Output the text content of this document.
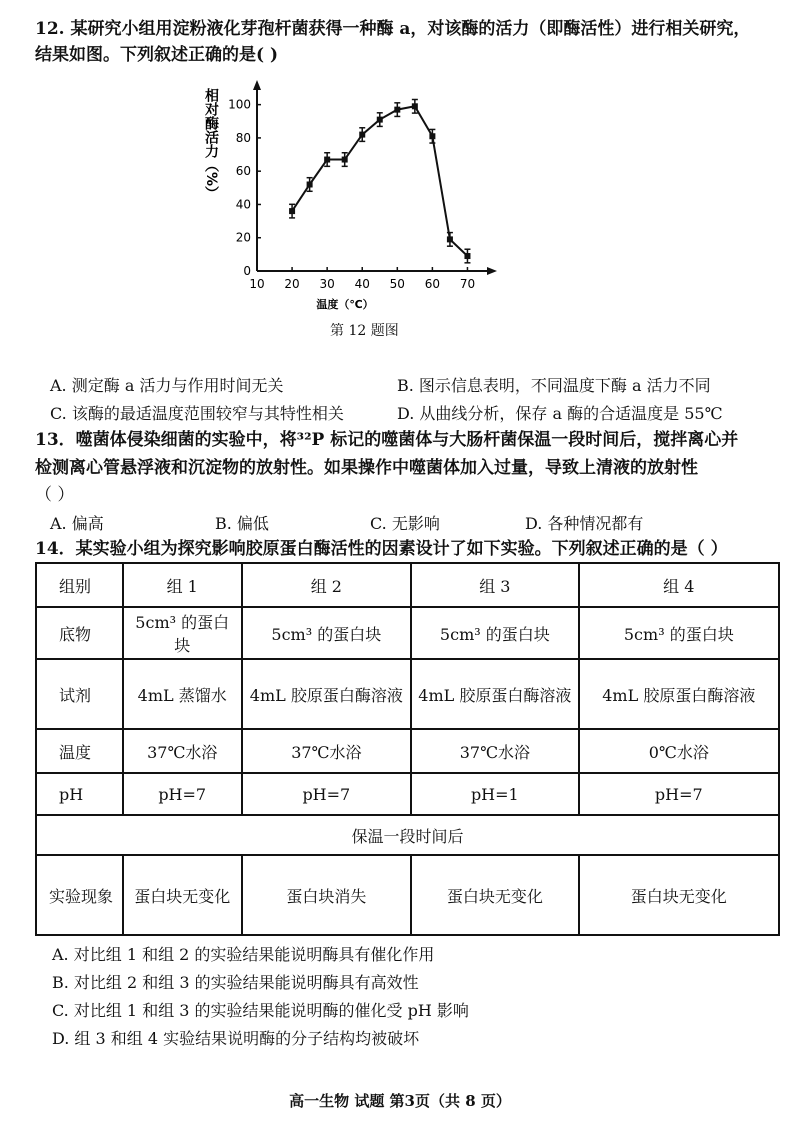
12. 某研究小组用淀粉液化芽孢杆菌获得一种酶 a，对该酶的活力（即酶活性）进行相关研究，
结果如图。下列叙述正确的是( )
10 20 30 40 50 60 70
0
20
40
60
80
100
温度（℃）
相对酶活力（%）
第 12 题图
A. 测定酶 a 活力与作用时间无关	B. 图示信息表明，不同温度下酶 a 活力不同
C. 该酶的最适温度范围较窄与其特性相关	D. 从曲线分析，保存 a 酶的合适温度是 55℃
13．噬菌体侵染细菌的实验中，将³²P 标记的噬菌体与大肠杆菌保温一段时间后，搅拌离心并
检测离心管悬浮液和沉淀物的放射性。如果操作中噬菌体加入过量，导致上清液的放射性
（ ）
A. 偏高	B. 偏低	C. 无影响	D. 各种情况都有
14．某实验小组为探究影响胶原蛋白酶活性的因素设计了如下实验。下列叙述正确的是（ ）
组别	组 1	组 2	组 3	组 4
底物	5cm³ 的蛋白块	5cm³ 的蛋白块	5cm³ 的蛋白块	5cm³ 的蛋白块
试剂	4mL 蒸馏水	4mL 胶原蛋白酶溶液	4mL 胶原蛋白酶溶液	4mL 胶原蛋白酶溶液
温度	37℃水浴	37℃水浴	37℃水浴	0℃水浴
pH	pH=7	pH=7	pH=1	pH=7
保温一段时间后				
实验现象	蛋白块无变化	蛋白块消失	蛋白块无变化	蛋白块无变化
A. 对比组 1 和组 2 的实验结果能说明酶具有催化作用
B. 对比组 2 和组 3 的实验结果能说明酶具有高效性
C. 对比组 1 和组 3 的实验结果能说明酶的催化受 pH 影响
D. 组 3 和组 4 实验结果说明酶的分子结构均被破坏
高一生物 试题 第3页（共 8 页）
